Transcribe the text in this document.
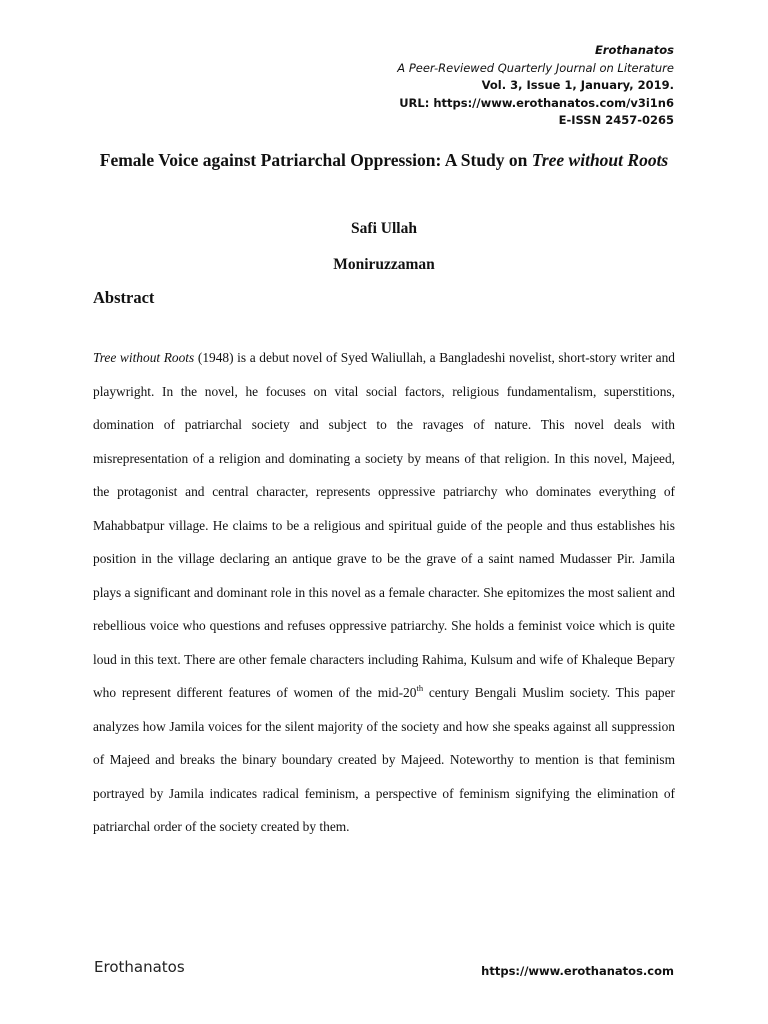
Erothanatos
A Peer-Reviewed Quarterly Journal on Literature
Vol. 3, Issue 1, January, 2019.
URL: https://www.erothanatos.com/v3i1n6
E-ISSN 2457-0265
Female Voice against Patriarchal Oppression: A Study on Tree without Roots
Safi Ullah
Moniruzzaman
Abstract

Tree without Roots (1948) is a debut novel of Syed Waliullah, a Bangladeshi novelist, short-story writer and playwright. In the novel, he focuses on vital social factors, religious fundamentalism, superstitions, domination of patriarchal society and subject to the ravages of nature. This novel deals with misrepresentation of a religion and dominating a society by means of that religion. In this novel, Majeed, the protagonist and central character, represents oppressive patriarchy who dominates everything of Mahabbatpur village. He claims to be a religious and spiritual guide of the people and thus establishes his position in the village declaring an antique grave to be the grave of a saint named Mudasser Pir. Jamila plays a significant and dominant role in this novel as a female character. She epitomizes the most salient and rebellious voice who questions and refuses oppressive patriarchy. She holds a feminist voice which is quite loud in this text. There are other female characters including Rahima, Kulsum and wife of Khaleque Bepary who represent different features of women of the mid-20th century Bengali Muslim society. This paper analyzes how Jamila voices for the silent majority of the society and how she speaks against all suppression of Majeed and breaks the binary boundary created by Majeed. Noteworthy to mention is that feminism portrayed by Jamila indicates radical feminism, a perspective of feminism signifying the elimination of patriarchal order of the society created by them.

Erothanatos	https://www.erothanatos.com
